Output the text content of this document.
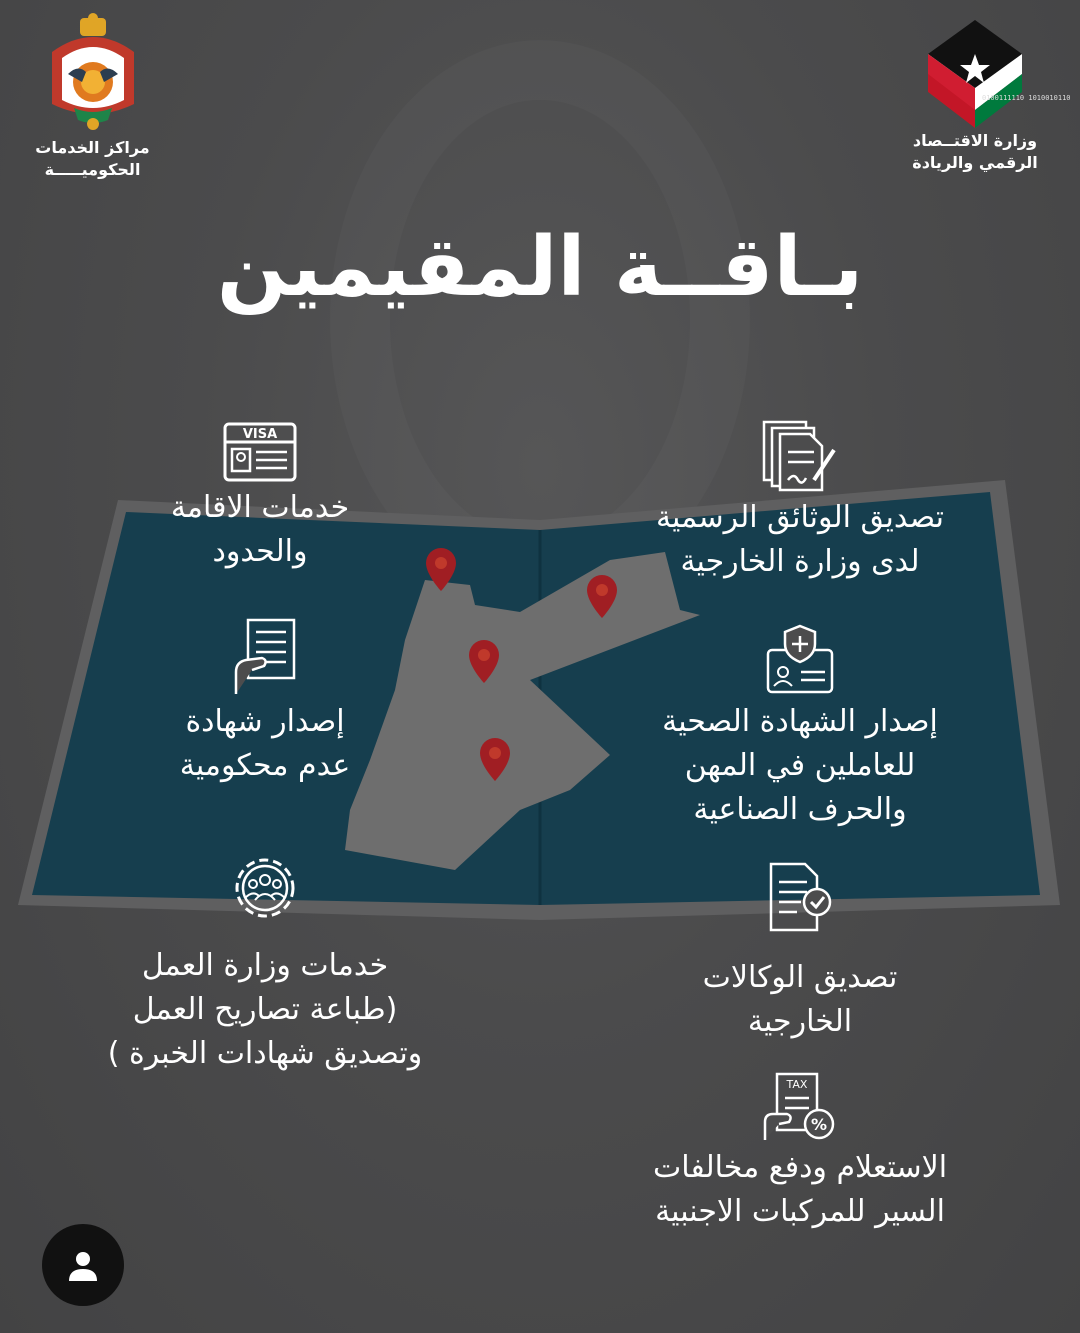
مراكز الخدمات
الحكوميـــــة
0100111110 1010010110
وزارة الاقتــصاد
الرقمي والريادة
بـاقــة المقيمين
VISA
خدمات الاقامة
والحدود
تصديق الوثائق الرسمية
لدى وزارة الخارجية
إصدار شهادة
عدم محكومية
إصدار الشهادة الصحية
للعاملين في المهن
والحرف الصناعية
خدمات وزارة العمل
(طباعة تصاريح العمل
وتصديق شهادات الخبرة )
تصديق الوكالات
الخارجية
TAX
%
الاستعلام ودفع مخالفات
السير للمركبات الاجنبية
